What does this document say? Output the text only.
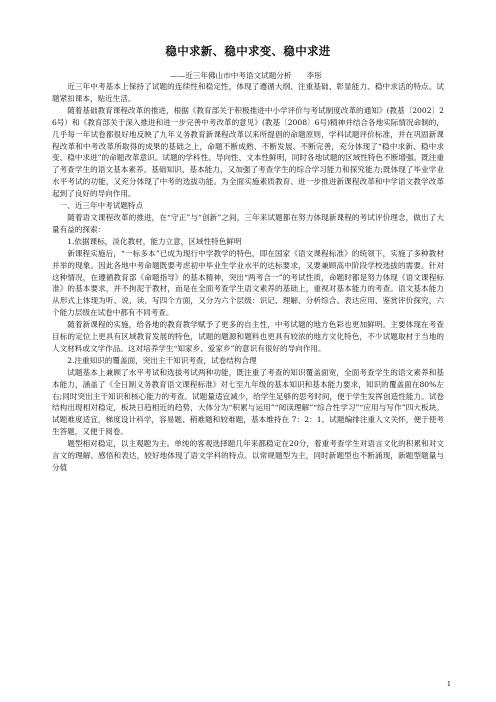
稳中求新、稳中求变、稳中求进
——近三年佛山市中考语文试题分析　　李彤

近三年中考基本上保持了试题的连续性和稳定性，体现了遵循大纲、注重基础、彰显能力、稳中求活的特点。试题紧扣课本，贴近生活。

随着基础教育课程改革的推进，根据《教育部关于积极推进中小学评价与考试制度改革的通知》(教基〔2002〕26号）和《教育部关于深入推进和进一步完善中考改革的意见》(教基〔2008〕6号)精神并结合各地实际情况命制的，几乎每一年试卷都很好地反映了九年义务教育新课程改革以来所提倡的命题原则，学科试题评价标准，并在巩固新课程改革和中考改革所取得的成果的基础之上，命题不断成熟、不断发展、不断完善，充分体现了“稳中求新、稳中求变、稳中求进”的命题改革意识。试题的学科性、导向性、文本性鲜明，同时各地试题的区域性特色不断增强。既注重了考查学生的语文基本素养、基础知识、基本能力，又加强了考查学生的综合学习能力和探究能力;既体现了毕业学业水平考试的功能，又充分体现了中考的选拔功能。为全面实施素质教育、进一步推进新课程改革和中学语文教学改革起到了良好的导向作用。

一、近三年中考试题特点

随着语文课程改革的推进，在“守正”与“创新”之间，三年来试题都在努力体现新课程的考试评价理念，做出了大量有益的探索：

1.依据课标，淡化教材，能力立意，区域性特色鲜明

新课程实施后，“一标多本”已成为现行中学教学的特色，即在国家《语文课程标准》的统领下，实施了多种教材并举的现象。因此各地中考命题既要考虑初中毕业生学业水平的达标要求，又要兼顾高中阶段学校选拔的需要。针对这种情况，在遵循教育部《命题指导》的基本精神，突出“两考合一”的考试性质，命题时都是努力体现《语文课程标准》的基本要求，并不拘泥于教材，而是在全面考查学生语文素养的基础上，重视对基本能力的考查。语文基本能力从形式上体现为听、说、读、写四个方面，又分为六个层级：识记、理解、分析综合、表达应用、鉴赏评价探究，六个能力层级在试卷中都有不同考查。

随着新课程的实施，给各地的教育教学赋予了更多的自主性，中考试题的地方色彩也更加鲜明。主要体现在考查目标的定位上更具有区域教育发展的特色，试题的题源和题料也更具有较浓的地方文化特色，不少试题取材于当地的人文材料或文学作品。这对培养学生“知家乡、爱家乡”的意识有很好的导向作用。

2.注重知识的覆盖面，突出主干知识考查，试卷结构合理

试题基本上兼顾了水平考试和选拔考试两种功能，既注重了考查的知识覆盖面宽，全面考查学生的语文素养和基本能力，涵盖了《全日制义务教育语文课程标准》对七至九年级的基本知识和基本能力要求，知识的覆盖面在80%左右;同时突出主干知识和核心能力的考查。试题量适宜减少，给学生足够的思考时间，便于学生发挥创造性能力。试卷结构出现相对稳定，板块日趋相近的趋势，大体分为“积累与运用”“阅读理解”“综合性学习”“应用与写作”四大板块。试题难度适宜，梯度设计科学，容易题、稍难题和较难题，基本维持在 7：2：1。试题编排注重人文关怀，便于使考生答题，又便于阅卷。

题型相对稳定，以主观题为主。单纯的客观选择题几年来都稳定在20分，着重考查学生对语言文化的积累和对文言文的理解、感悟和表达，较好地体现了语文学科的特点。以常规题型为主，同时新题型也不断涌现，新题型题量与分值

1
